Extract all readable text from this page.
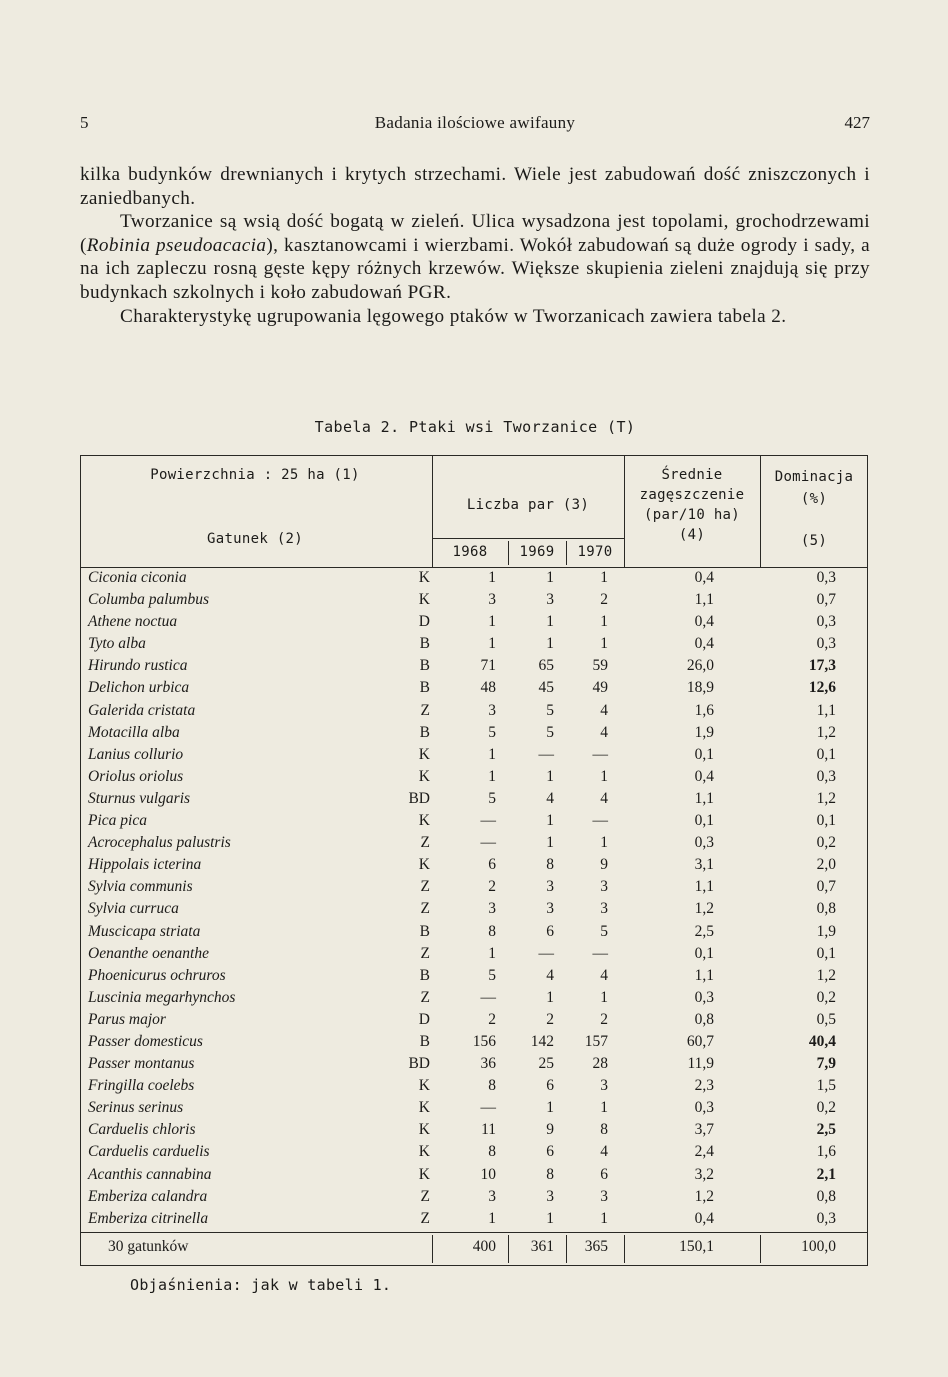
5	Badania ilościowe awifauny	427

kilka budynków drewnianych i krytych strzechami. Wiele jest zabudowań dość zniszczonych i zaniedbanych.

Tworzanice są wsią dość bogatą w zieleń. Ulica wysadzona jest topolami, grochodrzewami (Robinia pseudoacacia), kasztanowcami i wierzbami. Wokół zabudowań są duże ogrody i sady, a na ich zapleczu rosną gęste kępy różnych krzewów. Większe skupienia zieleni znajdują się przy budynkach szkolnych i koło zabudowań PGR.

Charakterystykę ugrupowania lęgowego ptaków w Tworzanicach zawiera tabela 2.

Tabela 2. Ptaki wsi Tworzanice (T)
Powierzchnia : 25 ha (1)
Gatunek (2)
Liczba par (3)
1968	1969	1970
Średnie
zagęszczenie
(par/10 ha)
(4)
Dominacja
(%)
(5)
Ciconia ciconia	K	1	1	1	0,4	0,3
Columba palumbus	K	3	3	2	1,1	0,7
Athene noctua	D	1	1	1	0,4	0,3
Tyto alba	B	1	1	1	0,4	0,3
Hirundo rustica	B	71	65	59	26,0	17,3
Delichon urbica	B	48	45	49	18,9	12,6
Galerida cristata	Z	3	5	4	1,6	1,1
Motacilla alba	B	5	5	4	1,9	1,2
Lanius collurio	K	1	—	—	0,1	0,1
Oriolus oriolus	K	1	1	1	0,4	0,3
Sturnus vulgaris	BD	5	4	4	1,1	1,2
Pica pica	K	—	1	—	0,1	0,1
Acrocephalus palustris	Z	—	1	1	0,3	0,2
Hippolais icterina	K	6	8	9	3,1	2,0
Sylvia communis	Z	2	3	3	1,1	0,7
Sylvia curruca	Z	3	3	3	1,2	0,8
Muscicapa striata	B	8	6	5	2,5	1,9
Oenanthe oenanthe	Z	1	—	—	0,1	0,1
Phoenicurus ochruros	B	5	4	4	1,1	1,2
Luscinia megarhynchos	Z	—	1	1	0,3	0,2
Parus major	D	2	2	2	0,8	0,5
Passer domesticus	B	156	142	157	60,7	40,4
Passer montanus	BD	36	25	28	11,9	7,9
Fringilla coelebs	K	8	6	3	2,3	1,5
Serinus serinus	K	—	1	1	0,3	0,2
Carduelis chloris	K	11	9	8	3,7	2,5
Carduelis carduelis	K	8	6	4	2,4	1,6
Acanthis cannabina	K	10	8	6	3,2	2,1
Emberiza calandra	Z	3	3	3	1,2	0,8
Emberiza citrinella	Z	1	1	1	0,4	0,3
30 gatunków	400	361	365	150,1	100,0
Objaśnienia: jak w tabeli 1.
